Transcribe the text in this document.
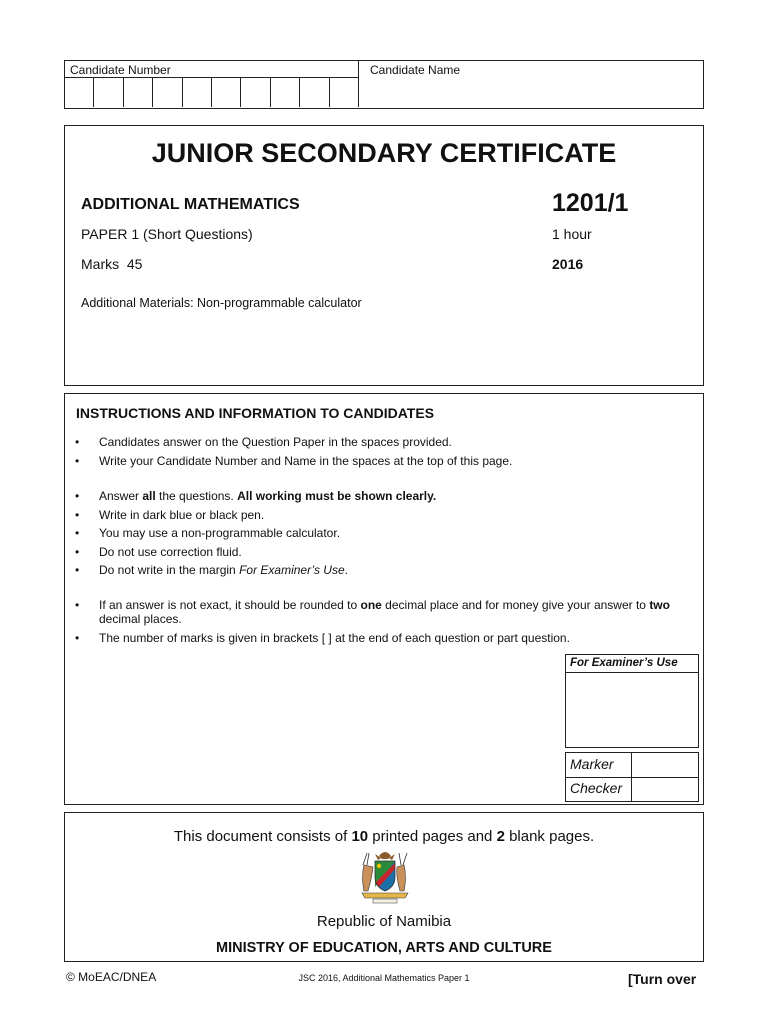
Candidate Number	Candidate Name
JUNIOR SECONDARY CERTIFICATE
ADDITIONAL MATHEMATICS	1201/1
PAPER 1 (Short Questions)	1 hour
Marks  45	2016
Additional Materials: Non-programmable calculator
INSTRUCTIONS AND INFORMATION TO CANDIDATES
• Candidates answer on the Question Paper in the spaces provided.
• Write your Candidate Number and Name in the spaces at the top of this page.
• Answer all the questions. All working must be shown clearly.
• Write in dark blue or black pen.
• You may use a non-programmable calculator.
• Do not use correction fluid.
• Do not write in the margin For Examiner’s Use.
• If an answer is not exact, it should be rounded to one decimal place and for money give your answer to two decimal places.
• The number of marks is given in brackets [ ] at the end of each question or part question.
For Examiner’s Use
Marker
Checker
This document consists of 10 printed pages and 2 blank pages.
Republic of Namibia
MINISTRY OF EDUCATION, ARTS AND CULTURE
© MoEAC/DNEA	JSC 2016, Additional Mathematics Paper 1	[Turn over
